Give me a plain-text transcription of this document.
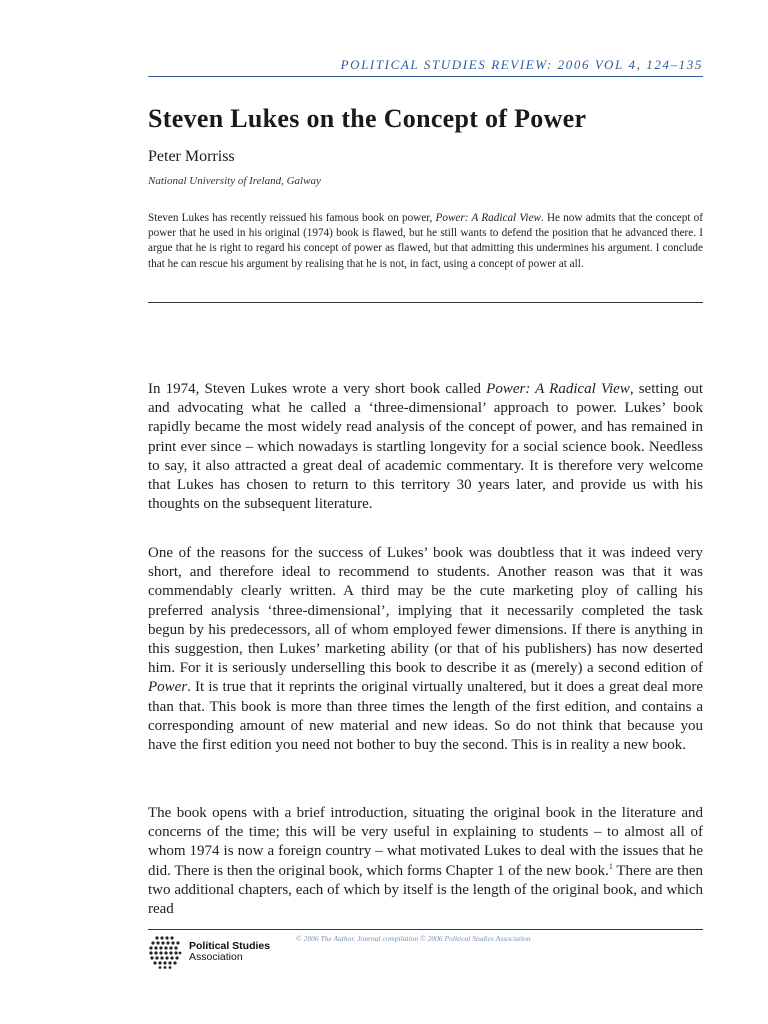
POLITICAL STUDIES REVIEW: 2006 VOL 4, 124–135
Steven Lukes on the Concept of Power
Peter Morriss
National University of Ireland, Galway

Steven Lukes has recently reissued his famous book on power, Power: A Radical View. He now admits that the concept of power that he used in his original (1974) book is flawed, but he still wants to defend the position that he advanced there. I argue that he is right to regard his concept of power as flawed, but that admitting this undermines his argument. I conclude that he can rescue his argument by realising that he is not, in fact, using a concept of power at all.

In 1974, Steven Lukes wrote a very short book called Power: A Radical View, setting out and advocating what he called a ‘three-dimensional’ approach to power. Lukes’ book rapidly became the most widely read analysis of the concept of power, and has remained in print ever since – which nowadays is startling longevity for a social science book. Needless to say, it also attracted a great deal of academic commentary. It is therefore very welcome that Lukes has chosen to return to this territory 30 years later, and provide us with his thoughts on the subsequent literature.

One of the reasons for the success of Lukes’ book was doubtless that it was indeed very short, and therefore ideal to recommend to students. Another reason was that it was commendably clearly written. A third may be the cute marketing ploy of calling his preferred analysis ‘three-dimensional’, implying that it necessarily completed the task begun by his predecessors, all of whom employed fewer dimensions. If there is anything in this suggestion, then Lukes’ marketing ability (or that of his publishers) has now deserted him. For it is seriously underselling this book to describe it as (merely) a second edition of Power. It is true that it reprints the original virtually unaltered, but it does a great deal more than that. This book is more than three times the length of the first edition, and contains a corresponding amount of new material and new ideas. So do not think that because you have the first edition you need not bother to buy the second. This is in reality a new book.

The book opens with a brief introduction, situating the original book in the literature and concerns of the time; this will be very useful in explaining to students – to almost all of whom 1974 is now a foreign country – what motivated Lukes to deal with the issues that he did. There is then the original book, which forms Chapter 1 of the new book.$^1$ There are then two additional chapters, each of which by itself is the length of the original book, and which read

© 2006 The Author. Journal compilation © 2006 Political Studies Association
Political Studies
Association
